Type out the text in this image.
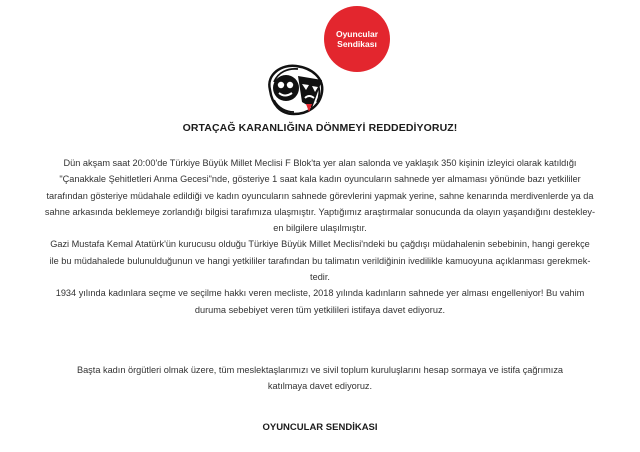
Oyuncular
Sendikası
ORTAÇAĞ KARANLIĞINA DÖNMEYİ REDDEDİYORUZ!

Dün akşam saat 20:00'de Türkiye Büyük Millet Meclisi F Blok'ta yer alan salonda ve yaklaşık 350 kişinin izleyici olarak katıldığı

"Çanakkale Şehitletleri Anma Gecesi"nde, gösteriye 1 saat kala kadın oyuncuların sahnede yer almaması yönünde bazı yetkililer

tarafından gösteriye müdahale edildiği ve kadın oyuncuların sahnede görevlerini yapmak yerine, sahne kenarında merdivenlerde ya da

sahne arkasında beklemeye zorlandığı bilgisi tarafımıza ulaşmıştır. Yaptığımız araştırmalar sonucunda da olayın yaşandığını destekley-

en bilgilere ulaşılmıştır.

Gazi Mustafa Kemal Atatürk'ün kurucusu olduğu Türkiye Büyük Millet Meclisi'ndeki bu çağdışı müdahalenin sebebinin, hangi gerekçe

ile bu müdahalede bulunulduğunun ve hangi yetkililer tarafından bu talimatın verildiğinin ivedilikle kamuoyuna açıklanması gerekmek-

tedir.

1934 yılında kadınlara seçme ve seçilme hakkı veren mecliste, 2018 yılında kadınların sahnede yer alması engelleniyor! Bu vahim

duruma sebebiyet veren tüm yetkilileri istifaya davet ediyoruz.

Başta kadın örgütleri olmak üzere, tüm meslektaşlarımızı ve sivil toplum kuruluşlarını hesap sormaya ve istifa çağrımıza

katılmaya davet ediyoruz.

OYUNCULAR SENDİKASI
